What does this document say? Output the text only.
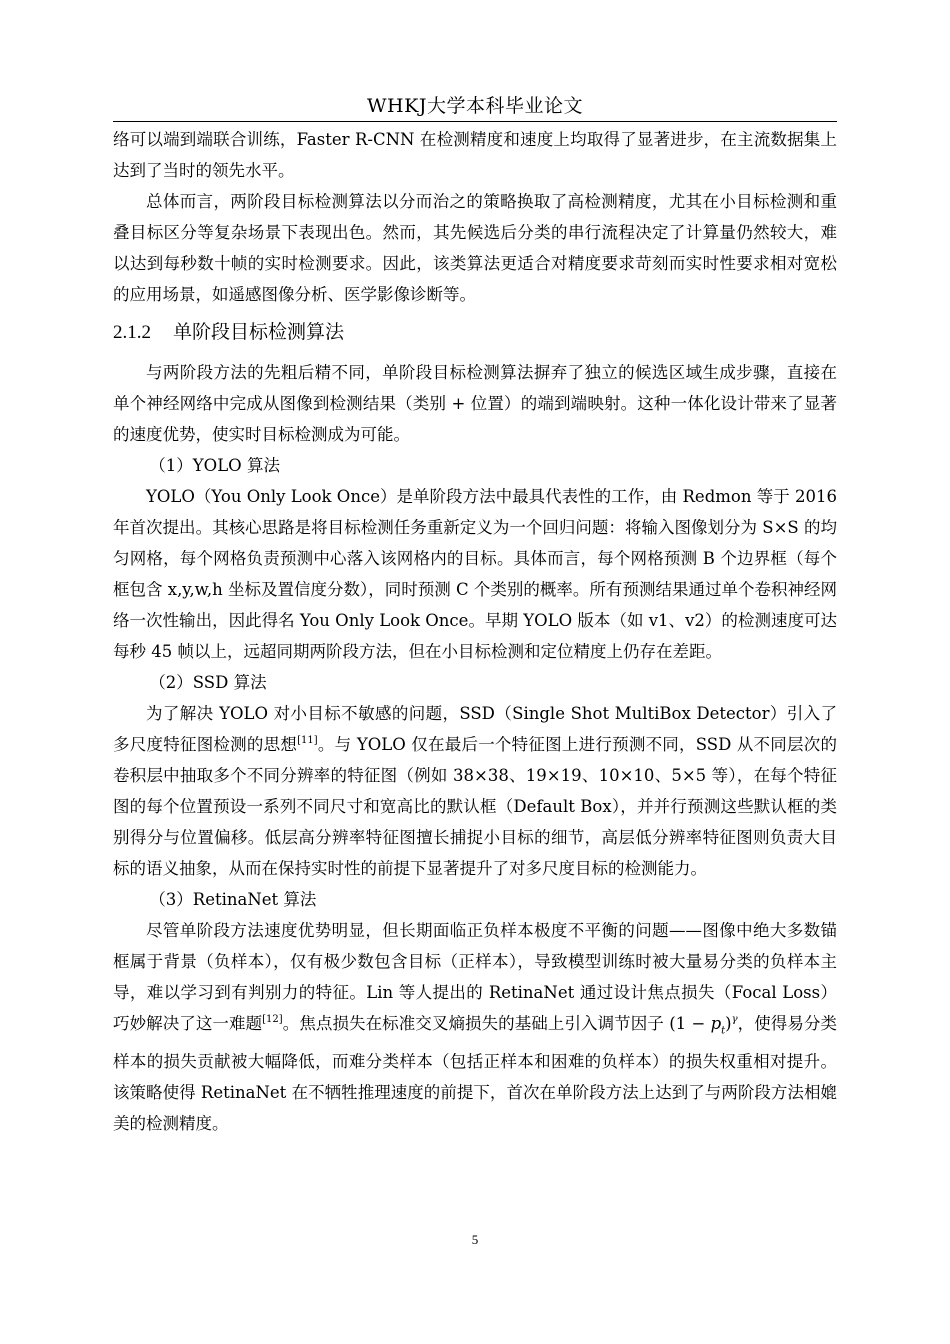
WHKJ大学本科毕业论文

络可以端到端联合训练，Faster R-CNN 在检测精度和速度上均取得了显著进步，在主流数据集上达到了当时的领先水平。

总体而言，两阶段目标检测算法以分而治之的策略换取了高检测精度，尤其在小目标检测和重叠目标区分等复杂场景下表现出色。然而，其先候选后分类的串行流程决定了计算量仍然较大，难以达到每秒数十帧的实时检测要求。因此，该类算法更适合对精度要求苛刻而实时性要求相对宽松的应用场景，如遥感图像分析、医学影像诊断等。

2.1.2 单阶段目标检测算法

与两阶段方法的先粗后精不同，单阶段目标检测算法摒弃了独立的候选区域生成步骤，直接在单个神经网络中完成从图像到检测结果（类别 + 位置）的端到端映射。这种一体化设计带来了显著的速度优势，使实时目标检测成为可能。

（1）YOLO 算法

YOLO（You Only Look Once）是单阶段方法中最具代表性的工作，由 Redmon 等于 2016 年首次提出。其核心思路是将目标检测任务重新定义为一个回归问题：将输入图像划分为 S×S 的均匀网格，每个网格负责预测中心落入该网格内的目标。具体而言，每个网格预测 B 个边界框（每个框包含 x,y,w,h 坐标及置信度分数），同时预测 C 个类别的概率。所有预测结果通过单个卷积神经网络一次性输出，因此得名 You Only Look Once。早期 YOLO 版本（如 v1、v2）的检测速度可达每秒 45 帧以上，远超同期两阶段方法，但在小目标检测和定位精度上仍存在差距。

（2）SSD 算法

为了解决 YOLO 对小目标不敏感的问题，SSD（Single Shot MultiBox Detector）引入了多尺度特征图检测的思想[11]。与 YOLO 仅在最后一个特征图上进行预测不同，SSD 从不同层次的卷积层中抽取多个不同分辨率的特征图（例如 38×38、19×19、10×10、5×5 等），在每个特征图的每个位置预设一系列不同尺寸和宽高比的默认框（Default Box），并并行预测这些默认框的类别得分与位置偏移。低层高分辨率特征图擅长捕捉小目标的细节，高层低分辨率特征图则负责大目标的语义抽象，从而在保持实时性的前提下显著提升了对多尺度目标的检测能力。

（3）RetinaNet 算法

尽管单阶段方法速度优势明显，但长期面临正负样本极度不平衡的问题——图像中绝大多数锚框属于背景（负样本），仅有极少数包含目标（正样本），导致模型训练时被大量易分类的负样本主导，难以学习到有判别力的特征。Lin 等人提出的 RetinaNet 通过设计焦点损失（Focal Loss）巧妙解决了这一难题[12]。焦点损失在标准交叉熵损失的基础上引入调节因子 $(1 - p_t)^\gamma$，使得易分类样本的损失贡献被大幅降低，而难分类样本（包括正样本和困难的负样本）的损失权重相对提升。该策略使得 RetinaNet 在不牺牲推理速度的前提下，首次在单阶段方法上达到了与两阶段方法相媲美的检测精度。

5
